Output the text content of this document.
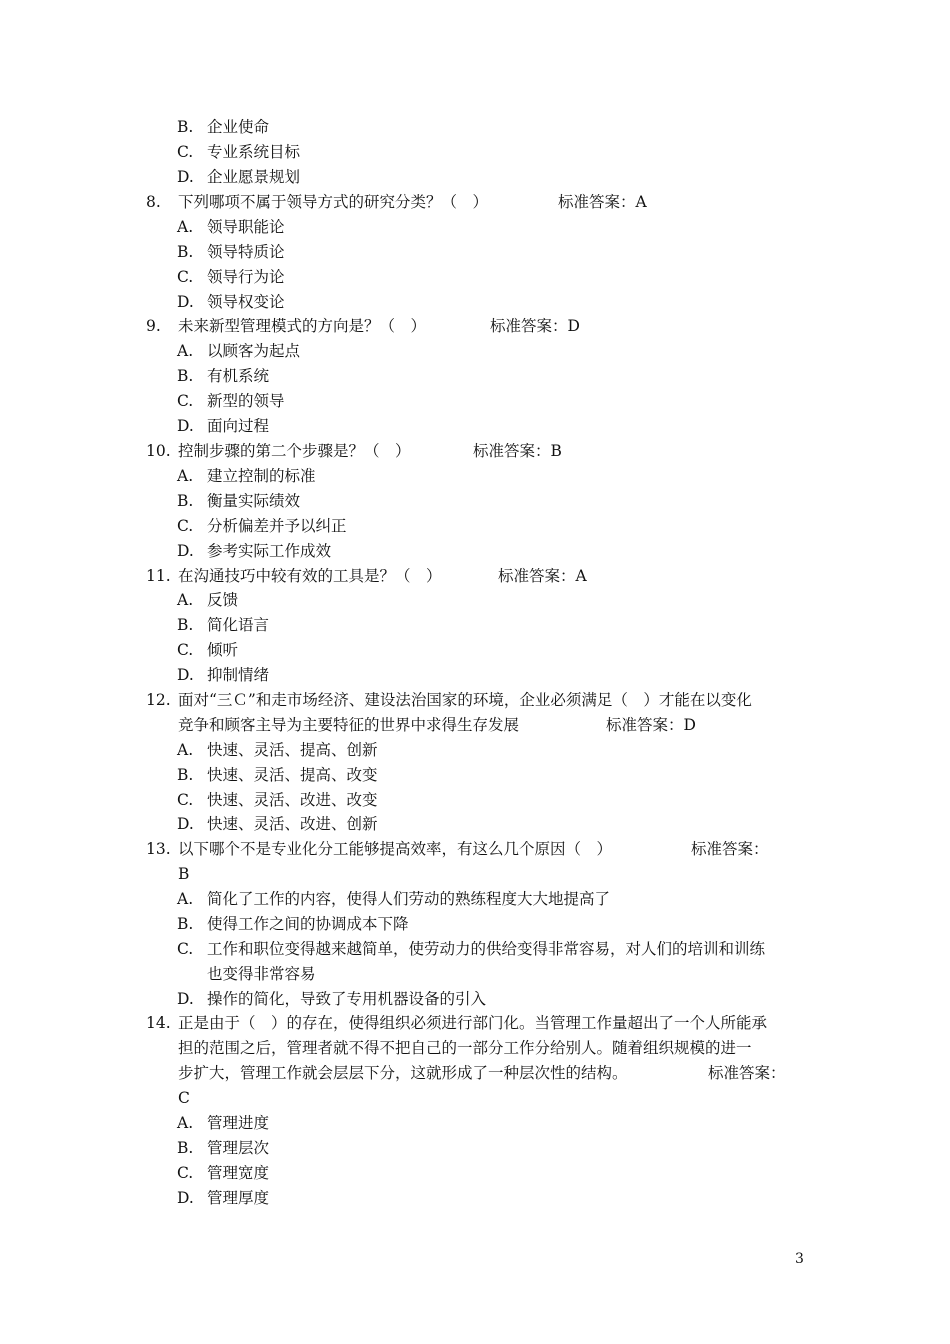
B. 企业使命
C. 专业系统目标
D. 企业愿景规划
8. 下列哪项不属于领导方式的研究分类？（　）	标准答案：A
A. 领导职能论
B. 领导特质论
C. 领导行为论
D. 领导权变论
9. 未来新型管理模式的方向是？（　）	标准答案：D
A. 以顾客为起点
B. 有机系统
C. 新型的领导
D. 面向过程
10. 控制步骤的第二个步骤是？（　）	标准答案：B
A. 建立控制的标准
B. 衡量实际绩效
C. 分析偏差并予以纠正
D. 参考实际工作成效
11. 在沟通技巧中较有效的工具是？（　）	标准答案：A
A. 反馈
B. 简化语言
C. 倾听
D. 抑制情绪
12. 面对“三Ｃ”和走市场经济、建设法治国家的环境，企业必须满足（　）才能在以变化
竞争和顾客主导为主要特征的世界中求得生存发展	标准答案：D
A. 快速、灵活、提高、创新
B. 快速、灵活、提高、改变
C. 快速、灵活、改进、改变
D. 快速、灵活、改进、创新
13. 以下哪个不是专业化分工能够提高效率，有这么几个原因（　）	标准答案：
B
A. 简化了工作的内容，使得人们劳动的熟练程度大大地提高了
B. 使得工作之间的协调成本下降
C. 工作和职位变得越来越简单，使劳动力的供给变得非常容易，对人们的培训和训练
也变得非常容易
D. 操作的简化，导致了专用机器设备的引入
14. 正是由于（　）的存在，使得组织必须进行部门化。当管理工作量超出了一个人所能承
担的范围之后，管理者就不得不把自己的一部分工作分给别人。随着组织规模的进一
步扩大，管理工作就会层层下分，这就形成了一种层次性的结构。	标准答案：
C
A. 管理进度
B. 管理层次
C. 管理宽度
D. 管理厚度
3
